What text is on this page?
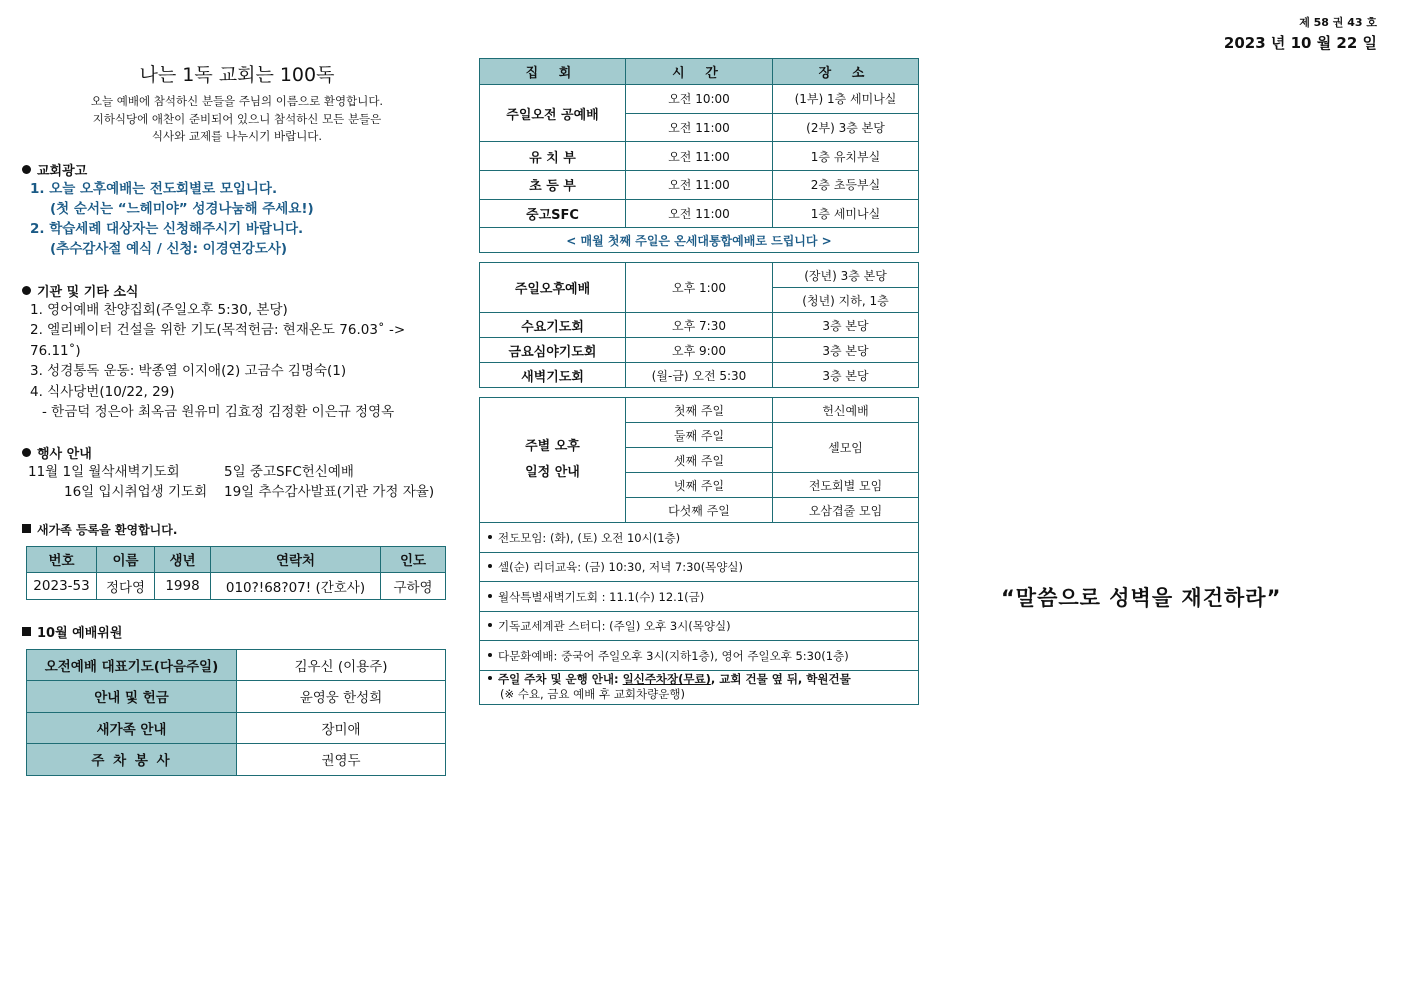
제 58 권 43 호
2023 년 10 월 22 일
나는 1독 교회는 100독
오늘 예배에 참석하신 분들을 주님의 이름으로 환영합니다.
지하식당에 애찬이 준비되어 있으니 참석하신 모든 분들은
식사와 교제를 나누시기 바랍니다.
교회광고
1. 오늘 오후예배는 전도회별로 모입니다.
(첫 순서는 “느헤미야” 성경나눔해 주세요!)
2. 학습세례 대상자는 신청해주시기 바랍니다.
(추수감사절 예식 / 신청: 이경연강도사)
기관 및 기타 소식
1. 영어예배 찬양집회(주일오후 5:30, 본당)
2. 엘리베이터 건설을 위한 기도(목적헌금: 현재온도 76.03˚ -> 76.11˚)
3. 성경통독 운동: 박종열 이지애(2) 고금수 김명숙(1)
4. 식사당번(10/22, 29)
- 한금덕 정은아 최옥금 원유미 김효정 김정환 이은규 정영옥
행사 안내
11월 1일 월삭새벽기도회	5일 중고SFC헌신예배
16일 입시취업생 기도회	19일 추수감사발표(기관 가정 자율)
새가족 등록을 환영합니다.
번호	이름	생년	연락처	인도
2023-53	정다영	1998	010?!68?07! (간호사)	구하영
10월 예배위원
오전예배 대표기도(다음주일)	김우신 (이용주)
안내 및 헌금	윤영웅 한성희
새가족 안내	장미애
주 차 봉 사	권영두
집 회	시 간	장 소
주일오전 공예배	오전 10:00	(1부) 1층 세미나실
	오전 11:00	(2부) 3층 본당
유 치 부	오전 11:00	1층 유치부실
초 등 부	오전 11:00	2층 초등부실
중고SFC	오전 11:00	1층 세미나실
< 매월 첫째 주일은 온세대통합예배로 드립니다 >		
주일오후예배	오후 1:00	(장년) 3층 본당
		(청년) 지하, 1층
수요기도회	오후 7:30	3층 본당
금요심야기도회	오후 9:00	3층 본당
새벽기도회	(월-금) 오전 5:30	3층 본당
주별 오후
일정 안내	첫째 주일	헌신예배
	둘째 주일	셀모임
	셋째 주일	
	넷째 주일	전도회별 모임
	다섯째 주일	오삼겹줄 모임
전도모임: (화), (토) 오전 10시(1층)		
셀(순) 리더교육: (금) 10:30, 저녁 7:30(목양실)		
월삭특별새벽기도회 : 11.1(수) 12.1(금)		
기독교세계관 스터디: (주일) 오후 3시(목양실)		
다문화예배: 중국어 주일오후 3시(지하1층), 영어 주일오후 5:30(1층)		

주일 주차 및 운행 안내: 일신주차장(무료), 교회 건물 옆 뒤, 학원건물
(※ 수요, 금요 예배 후 교회차량운행)		
“말씀으로 성벽을 재건하라”
